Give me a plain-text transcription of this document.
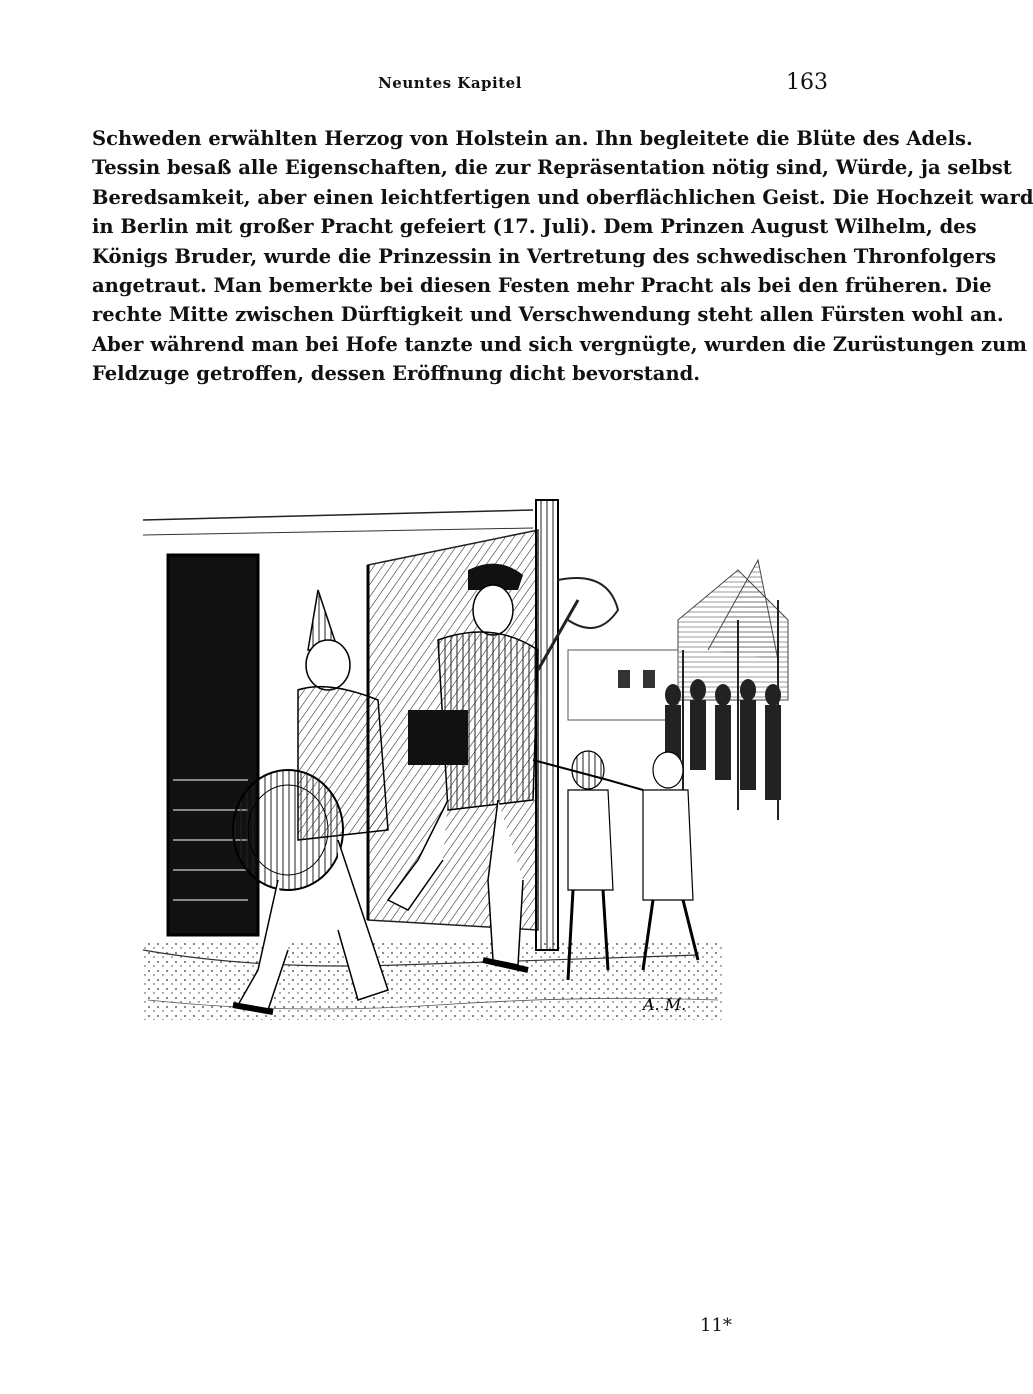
Neuntes Kapitel	163
Schweden erwählten Herzog von Holstein an. Ihn begleitete die Blüte des Adels.
Tessin besaß alle Eigenschaften, die zur Repräsentation nötig sind, Würde, ja selbst
Beredsamkeit, aber einen leichtfertigen und oberflächlichen Geist. Die Hochzeit ward
in Berlin mit großer Pracht gefeiert (17. Juli). Dem Prinzen August Wilhelm, des
Königs Bruder, wurde die Prinzessin in Vertretung des schwedischen Thronfolgers
angetraut. Man bemerkte bei diesen Festen mehr Pracht als bei den früheren. Die
rechte Mitte zwischen Dürftigkeit und Verschwendung steht allen Fürsten wohl an.
Aber während man bei Hofe tanzte und sich vergnügte, wurden die Zurüstungen zum
Feldzuge getroffen, dessen Eröffnung dicht bevorstand.
A. M.
11*
